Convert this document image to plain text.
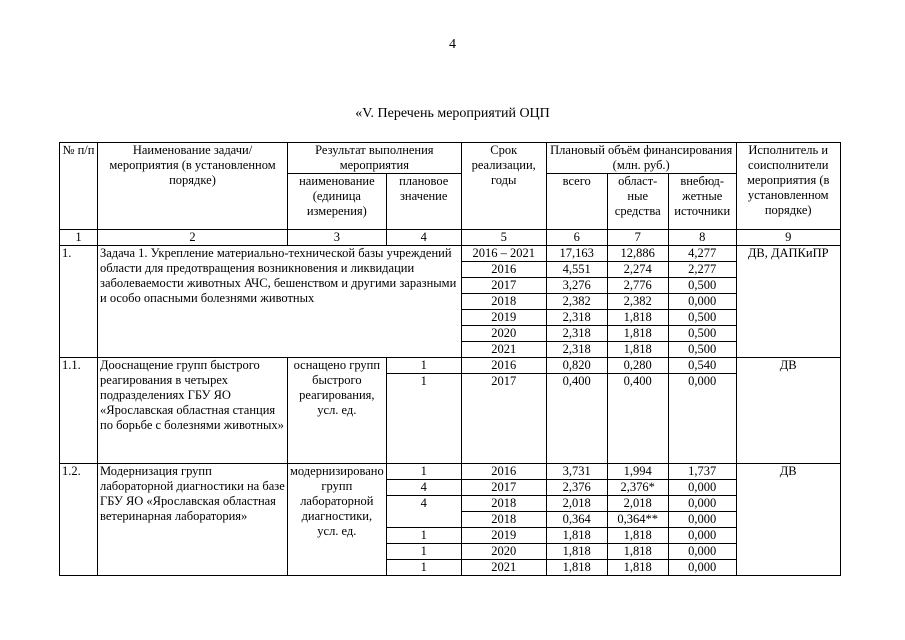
4
«V. Перечень мероприятий ОЦП
№ п/п	Наименование задачи/мероприятия (в установленном порядке)	Результат выполнения мероприятия		Срок реализации, годы	Плановый объём финансирования (млн. руб.)			Исполнитель и соисполнители мероприятия (в установленном порядке)
		наименование (единица измерения)	плановое значение		всего	област-ные средства	внебюд-жетные источники	
1	2	3	4	5	6	7	8	9
1.	Задача 1. Укрепление материально-технической базы учреждений области для предотвращения возникновения и ликвидации заболеваемости животных АЧС, бешенством и другими заразными и особо опасными болезнями животных			2016 – 2021	17,163	12,886	4,277	ДВ, ДАПКиПР
				2016	4,551	2,274	2,277	
				2017	3,276	2,776	0,500	
				2018	2,382	2,382	0,000	
				2019	2,318	1,818	0,500	
				2020	2,318	1,818	0,500	
				2021	2,318	1,818	0,500	
1.1.	Дооснащение групп быстрого реагирования в четырех подразделениях ГБУ ЯО «Ярославская областная станция по борьбе с болезнями животных»	оснащено групп быстрого реагирования, усл. ед.	1	2016	0,820	0,280	0,540	ДВ
			1	2017	0,400	0,400	0,000	
1.2.	Модернизация групп лабораторной диагностики на базе ГБУ ЯО «Ярославская областная ветеринарная лаборатория»	модернизировано групп лабораторной диагностики, усл. ед.	1	2016	3,731	1,994	1,737	ДВ
			4	2017	2,376	2,376*	0,000	
			4	2018	2,018	2,018	0,000	
				2018	0,364	0,364**	0,000	
			1	2019	1,818	1,818	0,000	
			1	2020	1,818	1,818	0,000	
			1	2021	1,818	1,818	0,000	
